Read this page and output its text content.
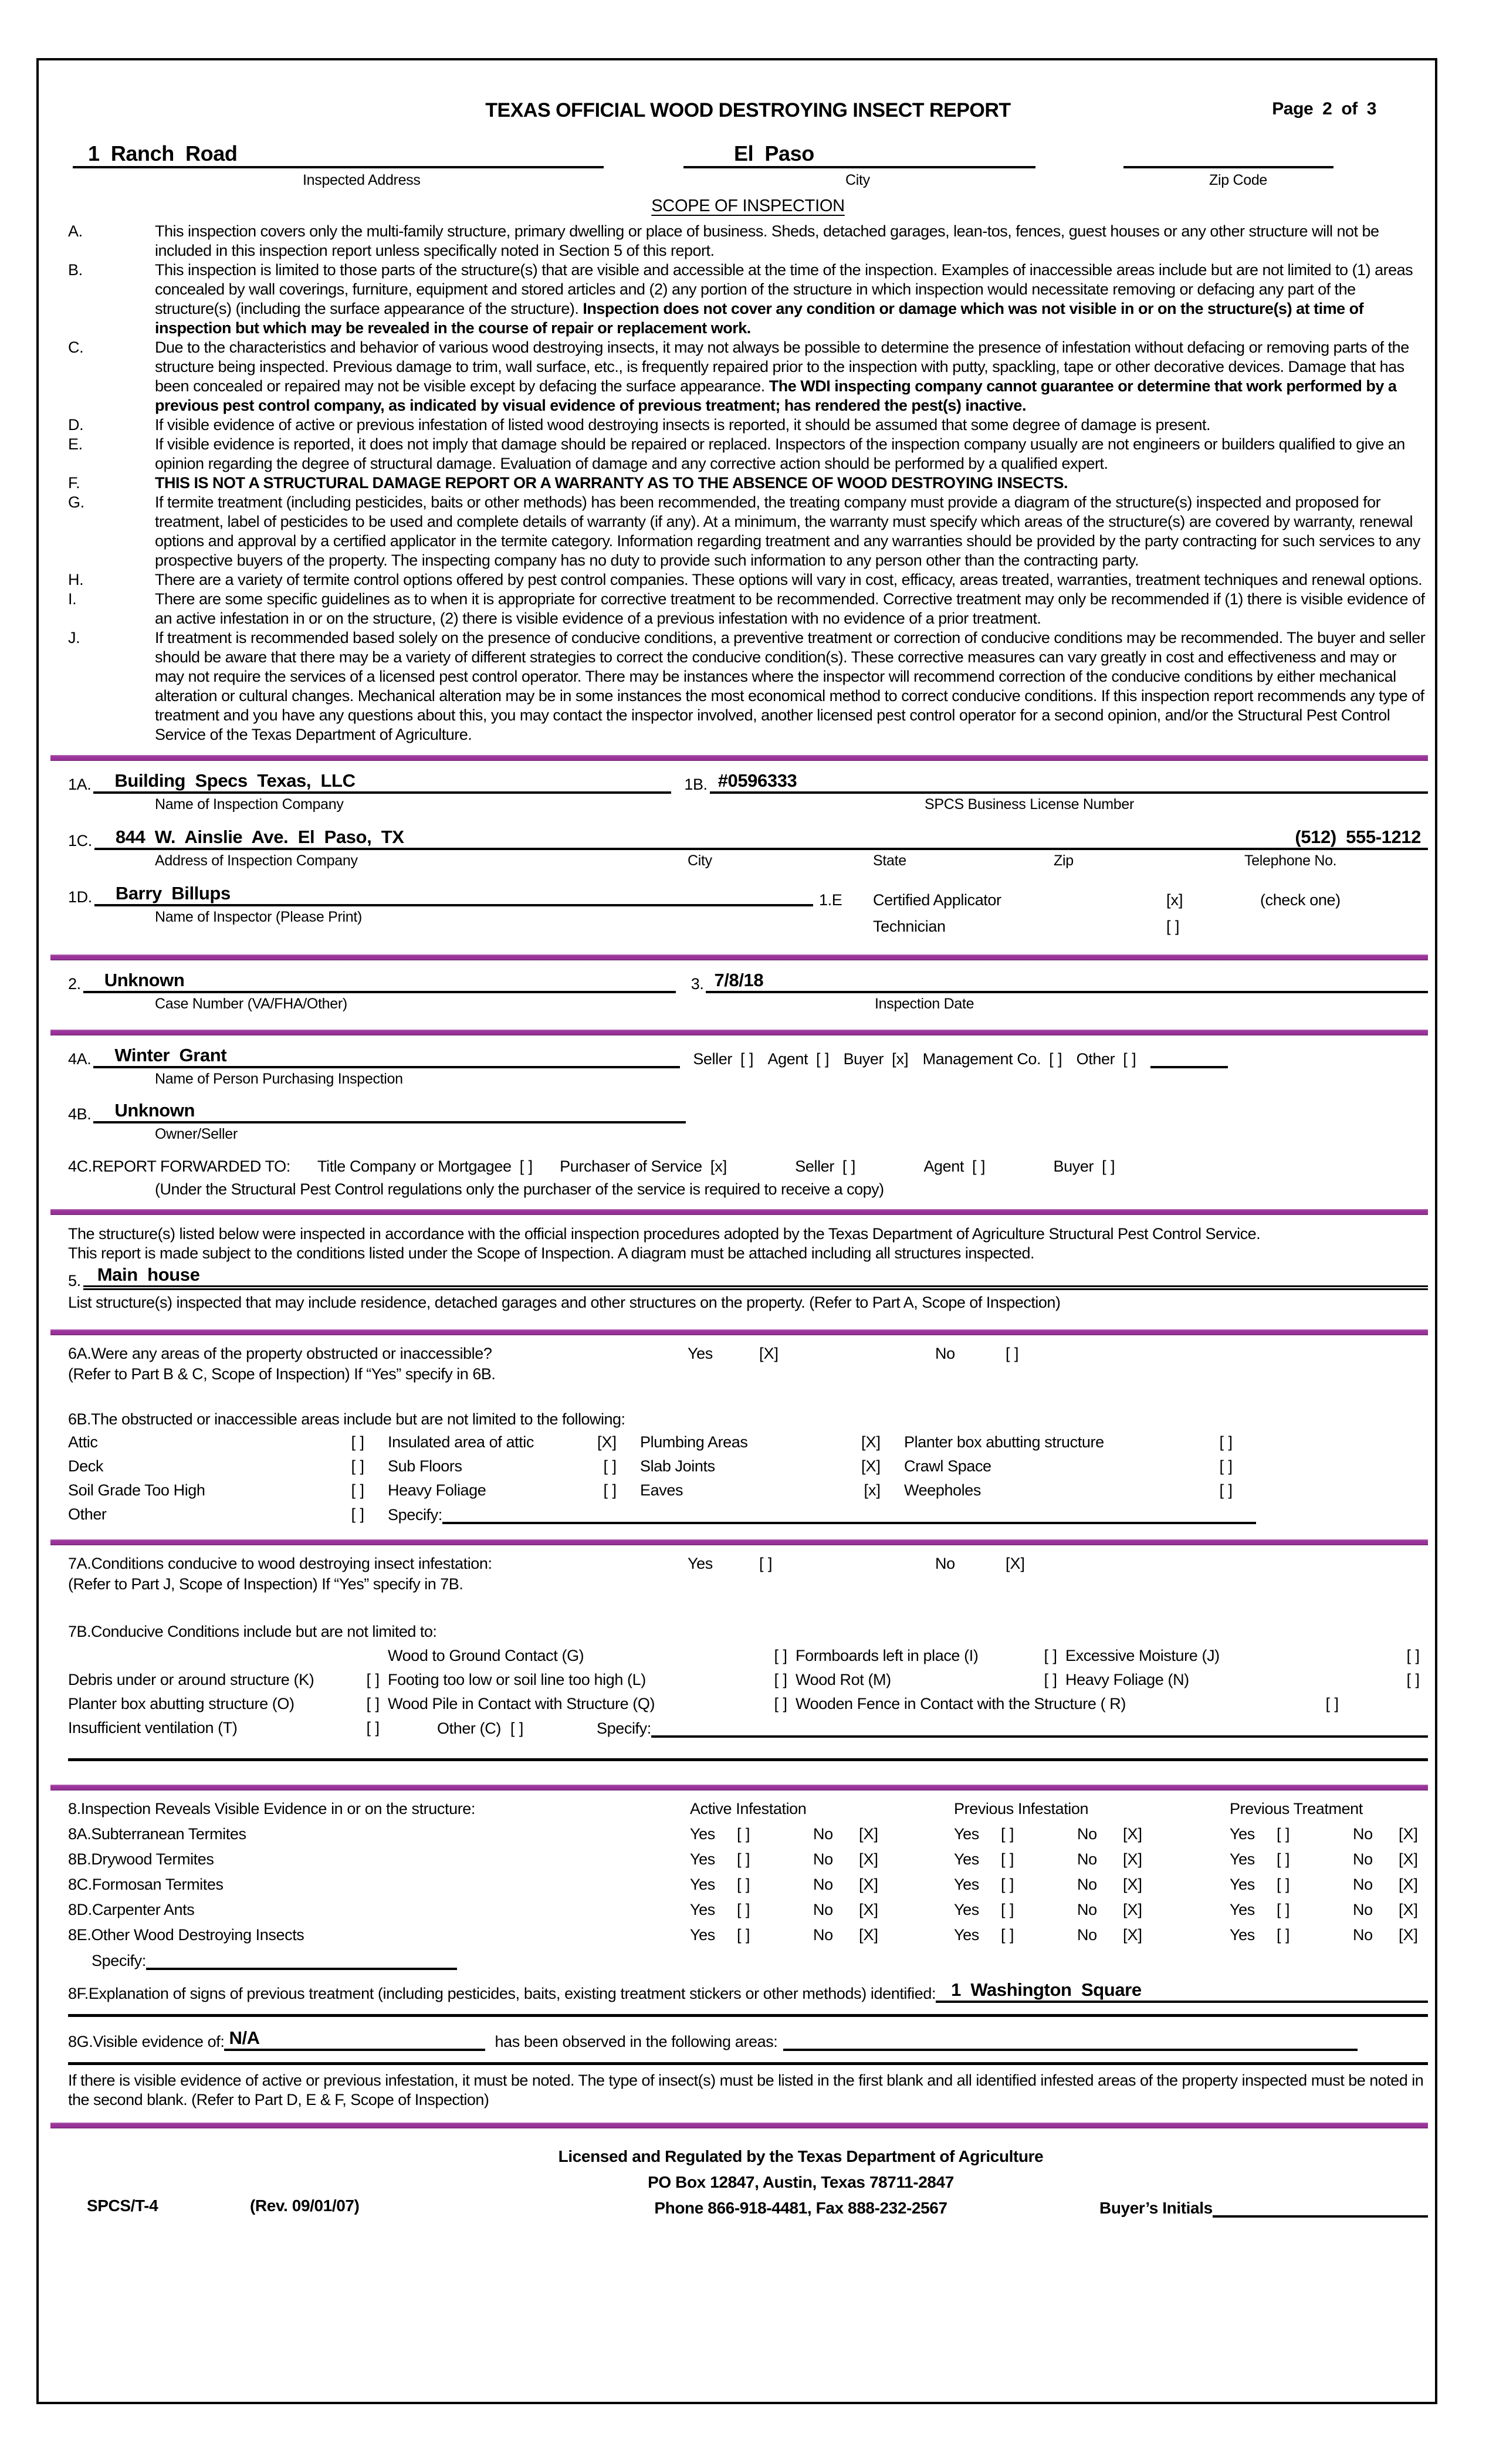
TEXAS OFFICIAL WOOD DESTROYING INSECT REPORT	Page  2  of  3
1  Ranch  Road	El  Paso

Inspected Address	City	Zip Code
SCOPE OF INSPECTION
A.	This inspection covers only the multi-family structure, primary dwelling or place of business. Sheds, detached garages, lean-tos, fences, guest houses or any other structure will not be included in this inspection report unless specifically noted in Section 5 of this report.
B.	This inspection is limited to those parts of the structure(s) that are visible and accessible at the time of the inspection. Examples of inaccessible areas include but are not limited to (1) areas concealed by wall coverings, furniture, equipment and stored articles and (2) any portion of the structure in which inspection would necessitate removing or defacing any part of the structure(s) (including the surface appearance of the structure). Inspection does not cover any condition or damage which was not visible in or on the structure(s) at time of inspection but which may be revealed in the course of repair or replacement work.
C.	Due to the characteristics and behavior of various wood destroying insects, it may not always be possible to determine the presence of infestation without defacing or removing parts of the structure being inspected. Previous damage to trim, wall surface, etc., is frequently repaired prior to the inspection with putty, spackling, tape or other decorative devices. Damage that has been concealed or repaired may not be visible except by defacing the surface appearance. The WDI inspecting company cannot guarantee or determine that work performed by a previous pest control company, as indicated by visual evidence of previous treatment; has rendered the pest(s) inactive.
D.	If visible evidence of active or previous infestation of listed wood destroying insects is reported, it should be assumed that some degree of damage is present.
E.	If visible evidence is reported, it does not imply that damage should be repaired or replaced. Inspectors of the inspection company usually are not engineers or builders qualified to give an opinion regarding the degree of structural damage. Evaluation of damage and any corrective action should be performed by a qualified expert.
F.	THIS IS NOT A STRUCTURAL DAMAGE REPORT OR A WARRANTY AS TO THE ABSENCE OF WOOD DESTROYING INSECTS.
G.	If termite treatment (including pesticides, baits or other methods) has been recommended, the treating company must provide a diagram of the structure(s) inspected and proposed for treatment, label of pesticides to be used and complete details of warranty (if any). At a minimum, the warranty must specify which areas of the structure(s) are covered by warranty, renewal options and approval by a certified applicator in the termite category. Information regarding treatment and any warranties should be provided by the party contracting for such services to any prospective buyers of the property. The inspecting company has no duty to provide such information to any person other than the contracting party.
H.	There are a variety of termite control options offered by pest control companies. These options will vary in cost, efficacy, areas treated, warranties, treatment techniques and renewal options.
I.	There are some specific guidelines as to when it is appropriate for corrective treatment to be recommended. Corrective treatment may only be recommended if (1) there is visible evidence of an active infestation in or on the structure, (2) there is visible evidence of a previous infestation with no evidence of a prior treatment.
J.	If treatment is recommended based solely on the presence of conducive conditions, a preventive treatment or correction of conducive conditions may be recommended. The buyer and seller should be aware that there may be a variety of different strategies to correct the conducive condition(s). These corrective measures can vary greatly in cost and effectiveness and may or may not require the services of a licensed pest control operator. There may be instances where the inspector will recommend correction of the conducive conditions by either mechanical alteration or cultural changes. Mechanical alteration may be in some instances the most economical method to correct conducive conditions. If this inspection report recommends any type of treatment and you have any questions about this, you may contact the inspector involved, another licensed pest control operator for a second opinion, and/or the Structural Pest Control Service of the Texas Department of Agriculture.
1A.	Building  Specs  Texas,  LLC	1B. #0596333
Name of Inspection Company	SPCS Business License Number
1C. 844  W.  Ainslie  Ave.  El  Paso,  TX	(512)  555-1212
Address of Inspection Company	City	State	Zip	Telephone No.
1D.	Barry  Billups
Name of Inspector (Please Print)
1.E	Certified Applicator	[x]	(check one)

Technician	[ ]
2.	Unknown	3. 7/8/18
Case Number (VA/FHA/Other)	Inspection Date
4A.	Winter  Grant	Seller [ ] Agent [ ] Buyer [x] Management Co. [ ] Other [ ]
Name of Person Purchasing Inspection
4B.	Unknown
Owner/Seller
4C.REPORT FORWARDED TO: Title Company or Mortgagee [ ] Purchaser of Service [x]	Seller [ ]	Agent [ ]	Buyer [ ]
(Under the Structural Pest Control regulations only the purchaser of the service is required to receive a copy)
The structure(s) listed below were inspected in accordance with the official inspection procedures adopted by the Texas Department of Agriculture Structural Pest Control Service.
This report is made subject to the conditions listed under the Scope of Inspection. A diagram must be attached including all structures inspected.
5. Main  house
List structure(s) inspected that may include residence, detached garages and other structures on the property. (Refer to Part A, Scope of Inspection)
6A.Were any areas of the property obstructed or inaccessible?	Yes	[X]	No	[ ]
(Refer to Part B & C, Scope of Inspection) If “Yes” specify in 6B.
6B.The obstructed or inaccessible areas include but are not limited to the following:
Attic	[ ] Insulated area of attic	[X] Plumbing Areas	[X] Planter box abutting structure	[ ]
Deck	[ ] Sub Floors	[ ] Slab Joints	[X] Crawl Space	[ ]
Soil Grade Too High	[ ] Heavy Foliage	[ ] Eaves	[x] Weepholes	[ ]
Other	[ ] Specify:
7A.Conditions conducive to wood destroying insect infestation:	Yes	[ ]	No	[X]
(Refer to Part J, Scope of Inspection) If “Yes” specify in 7B.
7B.Conducive Conditions include but are not limited to:
Wood to Ground Contact (G)	[ ] Formboards left in place (I)	[ ] Excessive Moisture (J)	[ ]
Debris under or around structure (K)	[ ] Footing too low or soil line too high (L)	[ ] Wood Rot (M)	[ ] Heavy Foliage (N)	[ ]
Planter box abutting structure (O)	[ ] Wood Pile in Contact with Structure (Q)	[ ] Wooden Fence in Contact with the Structure ( R)	[ ]
Insufficient ventilation (T)	[ ]	Other (C) [ ]	Specify:
8.Inspection Reveals Visible Evidence in or on the structure:	Active Infestation	Previous Infestation	Previous Treatment
8A.Subterranean Termites	Yes	[ ]	No	[X]	Yes	[ ]	No	[X]	Yes	[ ]	No	[X]
8B.Drywood Termites	Yes	[ ]	No	[X]	Yes	[ ]	No	[X]	Yes	[ ]	No	[X]
8C.Formosan Termites	Yes	[ ]	No	[X]	Yes	[ ]	No	[X]	Yes	[ ]	No	[X]
8D.Carpenter Ants	Yes	[ ]	No	[X]	Yes	[ ]	No	[X]	Yes	[ ]	No	[X]
8E.Other Wood Destroying Insects	Yes	[ ]	No	[X]	Yes	[ ]	No	[X]	Yes	[ ]	No	[X]
Specify:
8F.Explanation of signs of previous treatment (including pesticides, baits, existing treatment stickers or other methods) identified: 1  Washington  Square
8G.Visible evidence of: N/A	has been observed in the following areas:
If there is visible evidence of active or previous infestation, it must be noted. The type of insect(s) must be listed in the first blank and all identified infested areas of the property inspected must be noted in the second blank. (Refer to Part D, E & F, Scope of Inspection)
SPCS/T-4	(Rev. 09/01/07)
Licensed and Regulated by the Texas Department of Agriculture
PO Box 12847, Austin, Texas 78711-2847
Phone 866-918-4481, Fax 888-232-2567	Buyer’s Initials
